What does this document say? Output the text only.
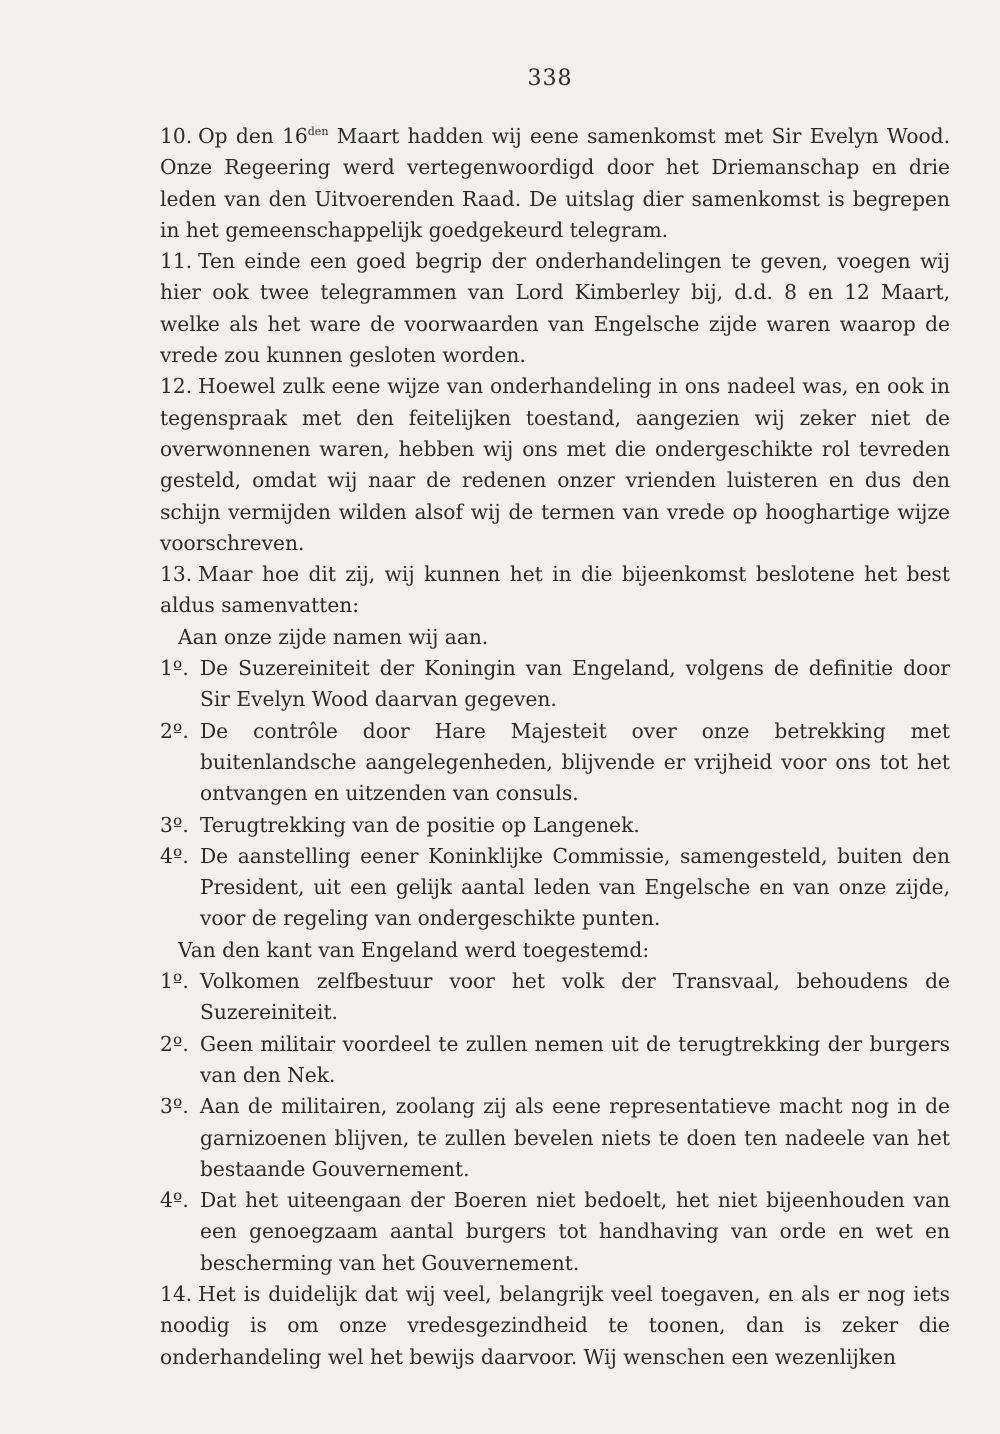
338

10. Op den $16^{den}$ Maart hadden wij eene samenkomst met Sir Evelyn Wood. Onze Regeering werd vertegenwoordigd door het Driemanschap en drie leden van den Uitvoerenden Raad. De uitslag dier samenkomst is begrepen in het gemeenschappelijk goedgekeurd telegram.

11. Ten einde een goed begrip der onderhandelingen te geven, voegen wij hier ook twee telegrammen van Lord Kimberley bij, d.d. 8 en 12 Maart, welke als het ware de voorwaarden van Engelsche zijde waren waarop de vrede zou kunnen gesloten worden.

12. Hoewel zulk eene wijze van onderhandeling in ons nadeel was, en ook in tegenspraak met den feitelijken toestand, aangezien wij zeker niet de overwonnenen waren, hebben wij ons met die ondergeschikte rol tevreden gesteld, omdat wij naar de redenen onzer vrienden luisteren en dus den schijn vermijden wilden alsof wij de termen van vrede op hooghartige wijze voorschreven.

13. Maar hoe dit zij, wij kunnen het in die bijeenkomst beslotene het best aldus samenvatten:

Aan onze zijde namen wij aan.

1º. De Suzereiniteit der Koningin van Engeland, volgens de definitie door Sir Evelyn Wood daarvan gegeven.
2º. De contrôle door Hare Majesteit over onze betrekking met buitenlandsche aangelegenheden, blijvende er vrijheid voor ons tot het ontvangen en uitzenden van consuls.
3º. Terugtrekking van de positie op Langenek.
4º. De aanstelling eener Koninklijke Commissie, samengesteld, buiten den President, uit een gelijk aantal leden van Engelsche en van onze zijde, voor de regeling van ondergeschikte punten.

Van den kant van Engeland werd toegestemd:

1º. Volkomen zelfbestuur voor het volk der Transvaal, behoudens de Suzereiniteit.
2º. Geen militair voordeel te zullen nemen uit de terugtrekking der burgers van den Nek.
3º. Aan de militairen, zoolang zij als eene representatieve macht nog in de garnizoenen blijven, te zullen bevelen niets te doen ten nadeele van het bestaande Gouvernement.
4º. Dat het uiteengaan der Boeren niet bedoelt, het niet bijeenhouden van een genoegzaam aantal burgers tot handhaving van orde en wet en bescherming van het Gouvernement.

14. Het is duidelijk dat wij veel, belangrijk veel toegaven, en als er nog iets noodig is om onze vredesgezindheid te toonen, dan is zeker die onderhandeling wel het bewijs daarvoor. Wij wenschen een wezenlijken
